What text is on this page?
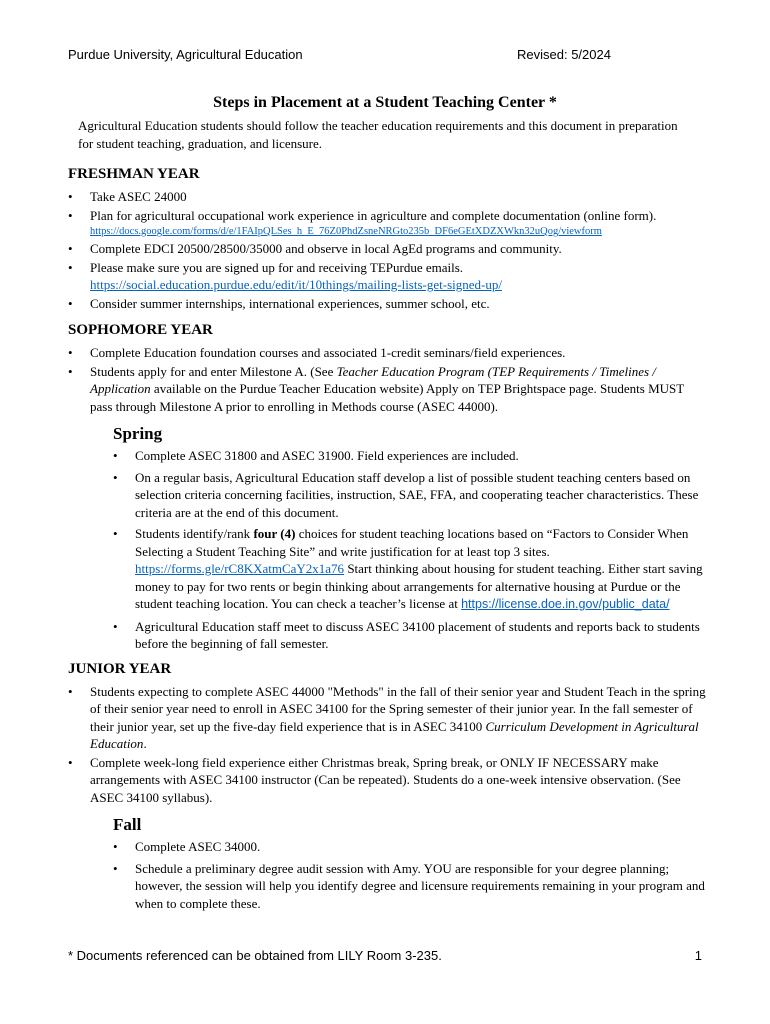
Purdue University, Agricultural Education	Revised: 5/2024
Steps in Placement at a Student Teaching Center *
Agricultural Education students should follow the teacher education requirements and this document in preparation for student teaching, graduation, and licensure.
FRESHMAN YEAR
• Take ASEC 24000
• Plan for agricultural occupational work experience in agriculture and complete documentation (online form).
https://docs.google.com/forms/d/e/1FAIpQLSes_h_E_76Z0PhdZsneNRGto235b_DF6eGEtXDZXWkn32uQog/viewform
• Complete EDCI 20500/28500/35000 and observe in local AgEd programs and community.
• Please make sure you are signed up for and receiving TEPurdue emails.
https://social.education.purdue.edu/edit/it/10things/mailing-lists-get-signed-up/
• Consider summer internships, international experiences, summer school, etc.
SOPHOMORE YEAR
• Complete Education foundation courses and associated 1-credit seminars/field experiences.
• Students apply for and enter Milestone A. (See Teacher Education Program (TEP Requirements / Timelines / Application available on the Purdue Teacher Education website) Apply on TEP Brightspace page. Students MUST pass through Milestone A prior to enrolling in Methods course (ASEC 44000).
Spring
• Complete ASEC 31800 and ASEC 31900. Field experiences are included.
• On a regular basis, Agricultural Education staff develop a list of possible student teaching centers based on selection criteria concerning facilities, instruction, SAE, FFA, and cooperating teacher characteristics. These criteria are at the end of this document.
• Students identify/rank four (4) choices for student teaching locations based on “Factors to Consider When Selecting a Student Teaching Site” and write justification for at least top 3 sites. https://forms.gle/rC8KXatmCaY2x1a76 Start thinking about housing for student teaching. Either start saving money to pay for two rents or begin thinking about arrangements for alternative housing at Purdue or the student teaching location. You can check a teacher’s license at https://license.doe.in.gov/public_data/
• Agricultural Education staff meet to discuss ASEC 34100 placement of students and reports back to students before the beginning of fall semester.
JUNIOR YEAR
• Students expecting to complete ASEC 44000 "Methods" in the fall of their senior year and Student Teach in the spring of their senior year need to enroll in ASEC 34100 for the Spring semester of their junior year. In the fall semester of their junior year, set up the five-day field experience that is in ASEC 34100 Curriculum Development in Agricultural Education.
• Complete week-long field experience either Christmas break, Spring break, or ONLY IF NECESSARY make arrangements with ASEC 34100 instructor (Can be repeated). Students do a one-week intensive observation. (See ASEC 34100 syllabus).
Fall
• Complete ASEC 34000.
• Schedule a preliminary degree audit session with Amy. YOU are responsible for your degree planning; however, the session will help you identify degree and licensure requirements remaining in your program and when to complete these.
* Documents referenced can be obtained from LILY Room 3-235.	1
